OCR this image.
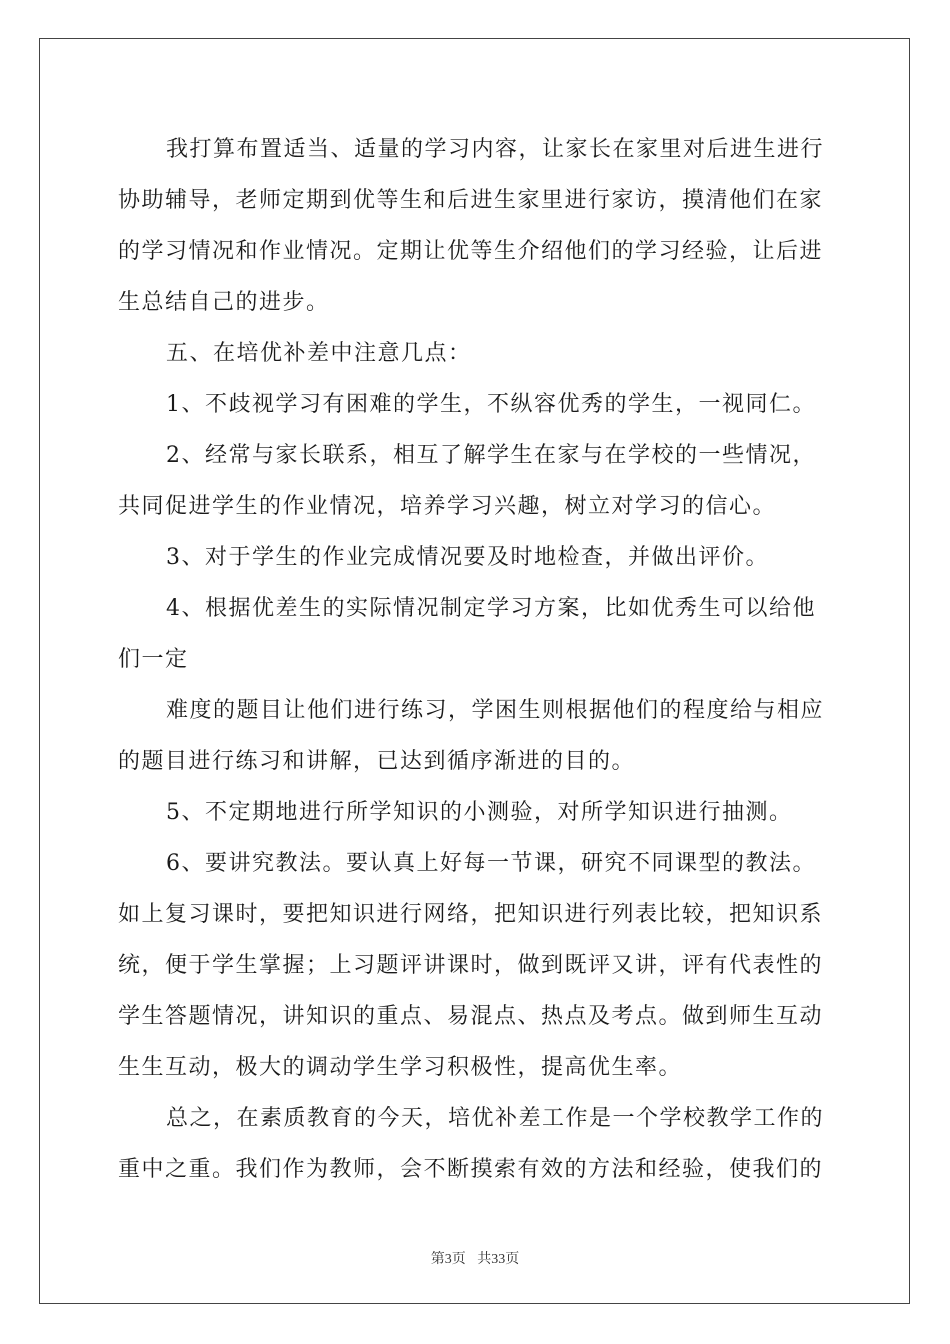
我打算布置适当、适量的学习内容，让家长在家里对后进生进行
协助辅导，老师定期到优等生和后进生家里进行家访，摸清他们在家
的学习情况和作业情况。定期让优等生介绍他们的学习经验，让后进
生总结自己的进步。
五、在培优补差中注意几点：
1、不歧视学习有困难的学生，不纵容优秀的学生，一视同仁。
2、经常与家长联系，相互了解学生在家与在学校的一些情况，
共同促进学生的作业情况，培养学习兴趣，树立对学习的信心。
3、对于学生的作业完成情况要及时地检查，并做出评价。
4、根据优差生的实际情况制定学习方案，比如优秀生可以给他
们一定
难度的题目让他们进行练习，学困生则根据他们的程度给与相应
的题目进行练习和讲解，已达到循序渐进的目的。
5、不定期地进行所学知识的小测验，对所学知识进行抽测。
6、要讲究教法。要认真上好每一节课，研究不同课型的教法。
如上复习课时，要把知识进行网络，把知识进行列表比较，把知识系
统，便于学生掌握；上习题评讲课时，做到既评又讲，评有代表性的
学生答题情况，讲知识的重点、易混点、热点及考点。做到师生互动
生生互动，极大的调动学生学习积极性，提高优生率。
总之，在素质教育的今天，培优补差工作是一个学校教学工作的
重中之重。我们作为教师，会不断摸索有效的方法和经验，使我们的
第3页 共33页
